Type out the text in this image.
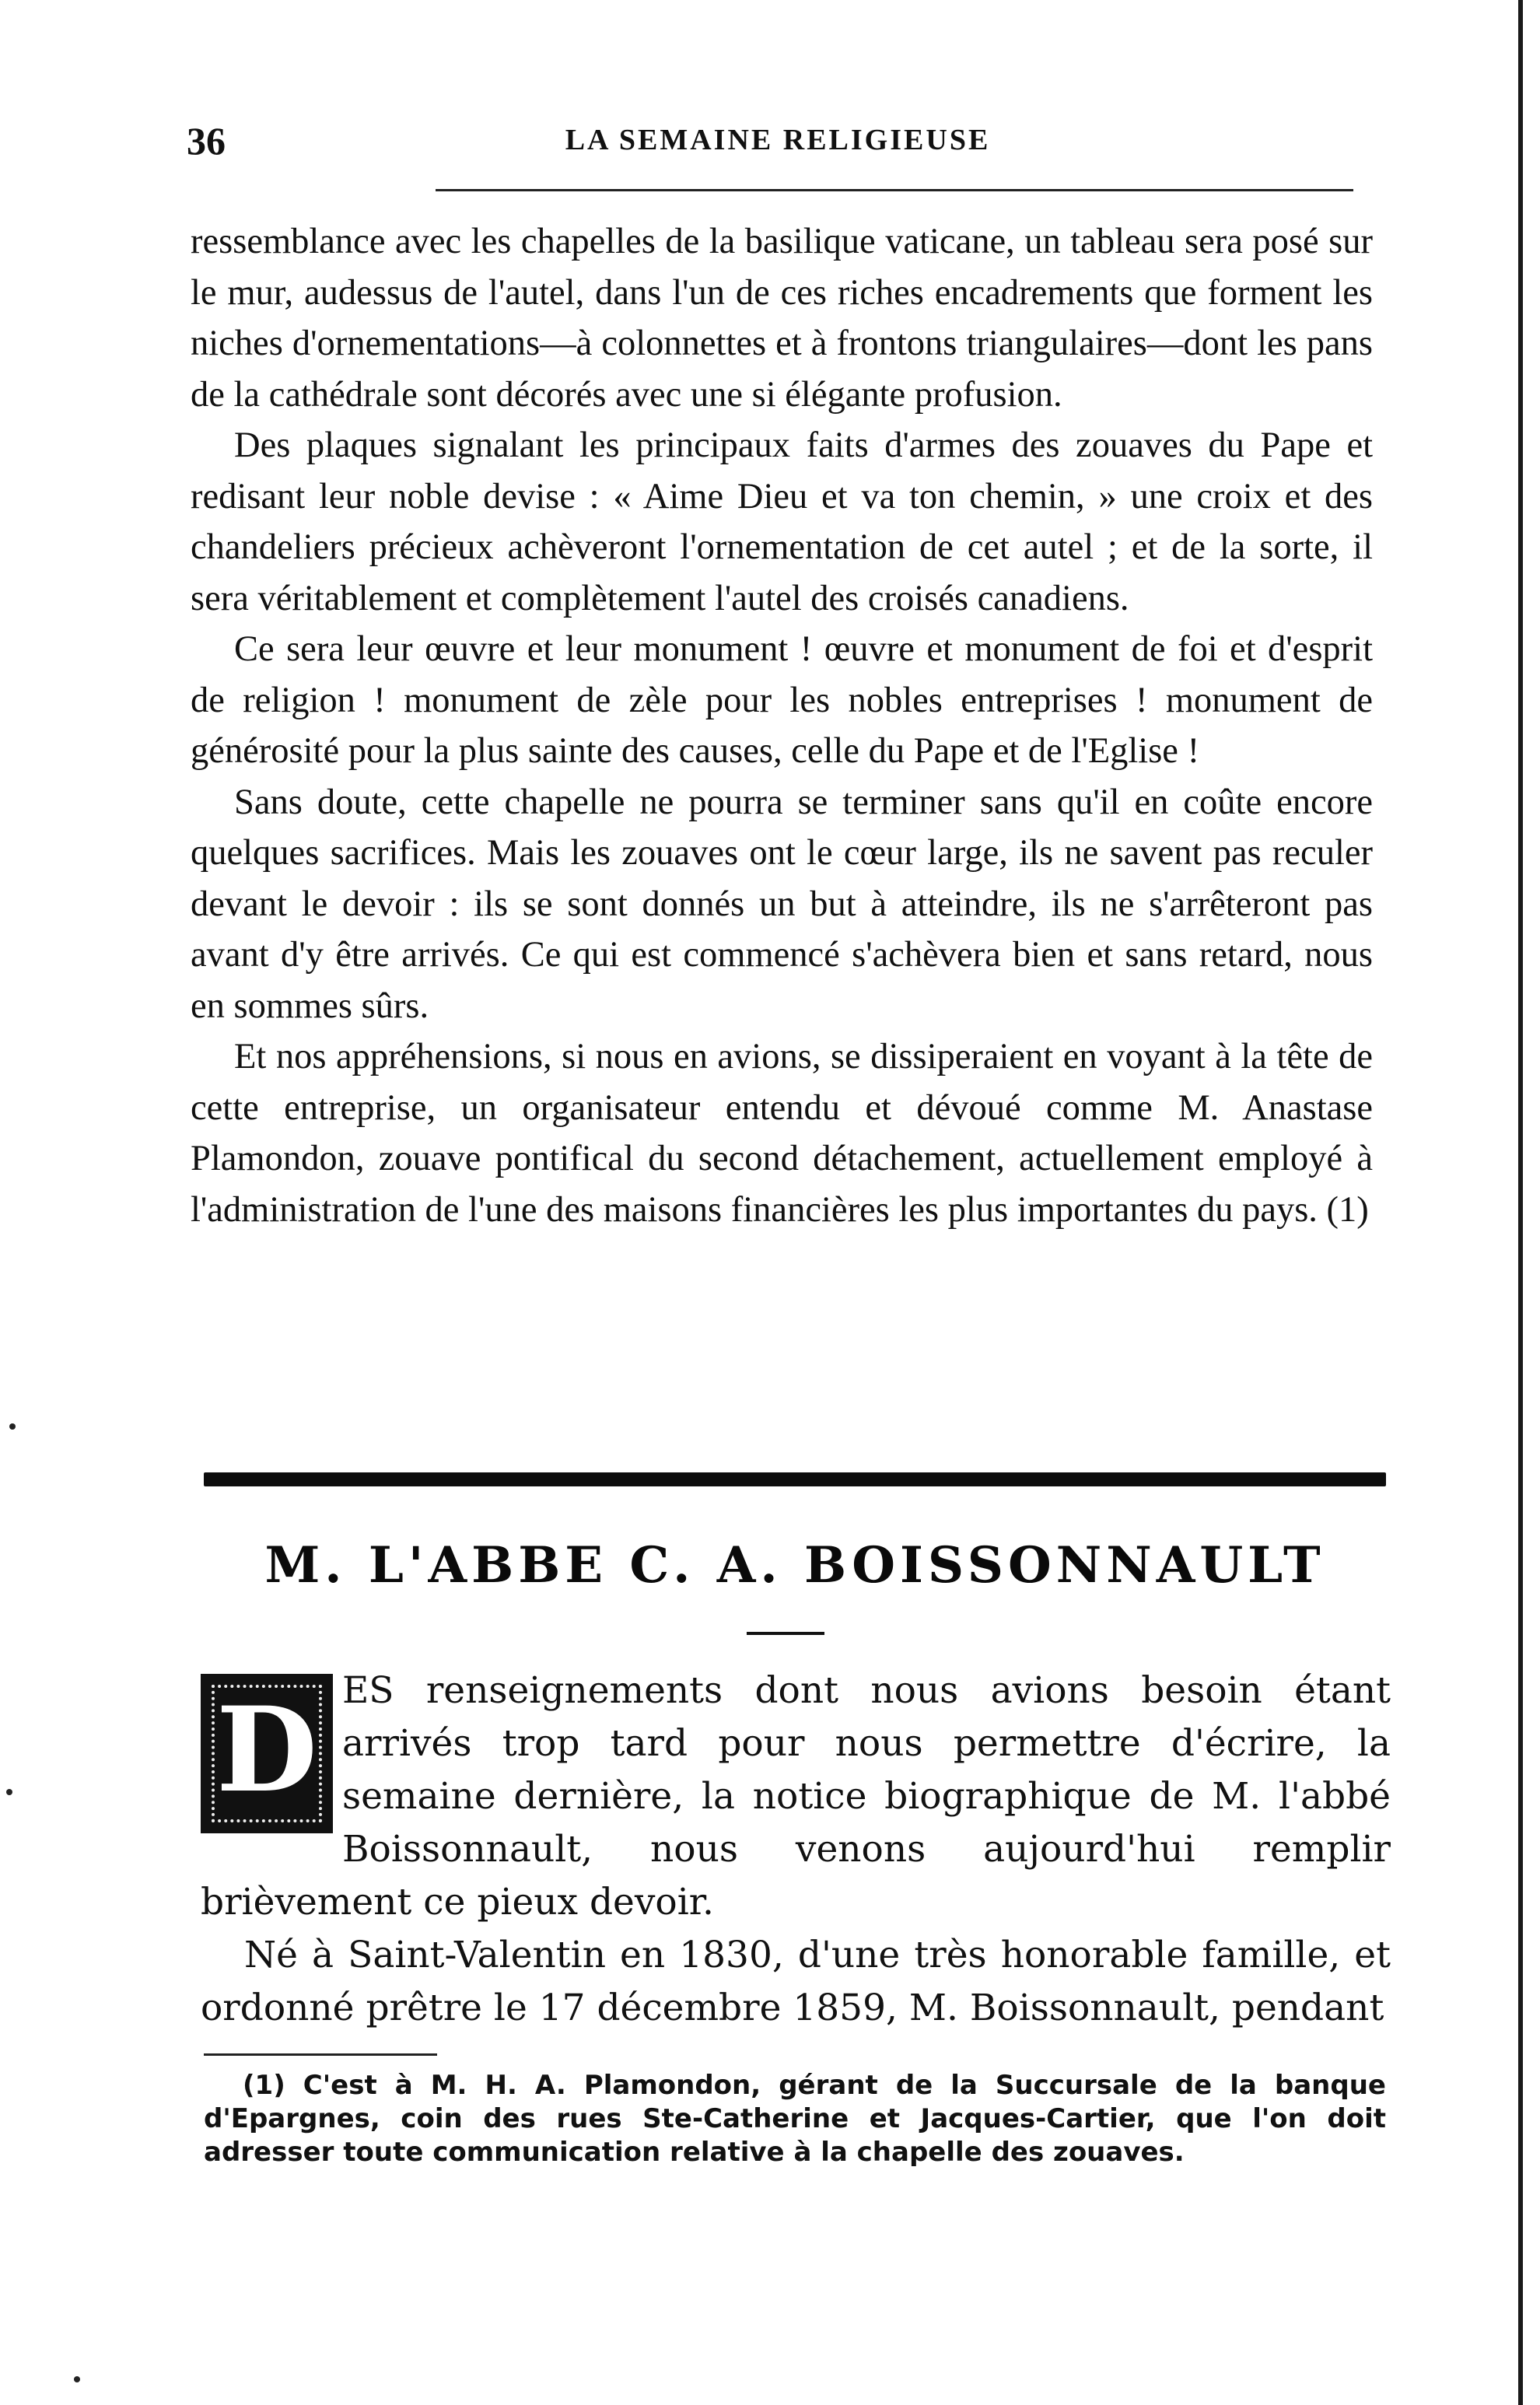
36	LA SEMAINE RELIGIEUSE

ressemblance avec les chapelles de la basilique vaticane, un tableau sera posé sur le mur, audessus de l'autel, dans l'un de ces riches encadrements que forment les niches d'ornementations—à colonnettes et à frontons triangulaires—dont les pans de la cathédrale sont décorés avec une si élégante profusion.

Des plaques signalant les principaux faits d'armes des zouaves du Pape et redisant leur noble devise : « Aime Dieu et va ton chemin, » une croix et des chandeliers précieux achèveront l'ornementation de cet autel ; et de la sorte, il sera véritablement et complètement l'autel des croisés canadiens.

Ce sera leur œuvre et leur monument ! œuvre et monument de foi et d'esprit de religion ! monument de zèle pour les nobles entreprises ! monument de générosité pour la plus sainte des causes, celle du Pape et de l'Eglise !

Sans doute, cette chapelle ne pourra se terminer sans qu'il en coûte encore quelques sacrifices. Mais les zouaves ont le cœur large, ils ne savent pas reculer devant le devoir : ils se sont donnés un but à atteindre, ils ne s'arrêteront pas avant d'y être arrivés. Ce qui est commencé s'achèvera bien et sans retard, nous en sommes sûrs.

Et nos appréhensions, si nous en avions, se dissiperaient en voyant à la tête de cette entreprise, un organisateur entendu et dévoué comme M. Anastase Plamondon, zouave pontifical du second détachement, actuellement employé à l'administration de l'une des maisons financières les plus importantes du pays. (1)

M. L'ABBE C. A. BOISSONNAULT

D ES renseignements dont nous avions besoin étant arrivés trop tard pour nous permettre d'écrire, la semaine dernière, la notice biographique de M. l'abbé Boissonnault, nous venons aujourd'hui remplir brièvement ce pieux devoir.

Né à Saint-Valentin en 1830, d'une très honorable famille, et ordonné prêtre le 17 décembre 1859, M. Boissonnault, pendant

(1) C'est à M. H. A. Plamondon, gérant de la Succursale de la banque d'Epargnes, coin des rues Ste-Catherine et Jacques-Cartier, que l'on doit adresser toute communication relative à la chapelle des zouaves.
